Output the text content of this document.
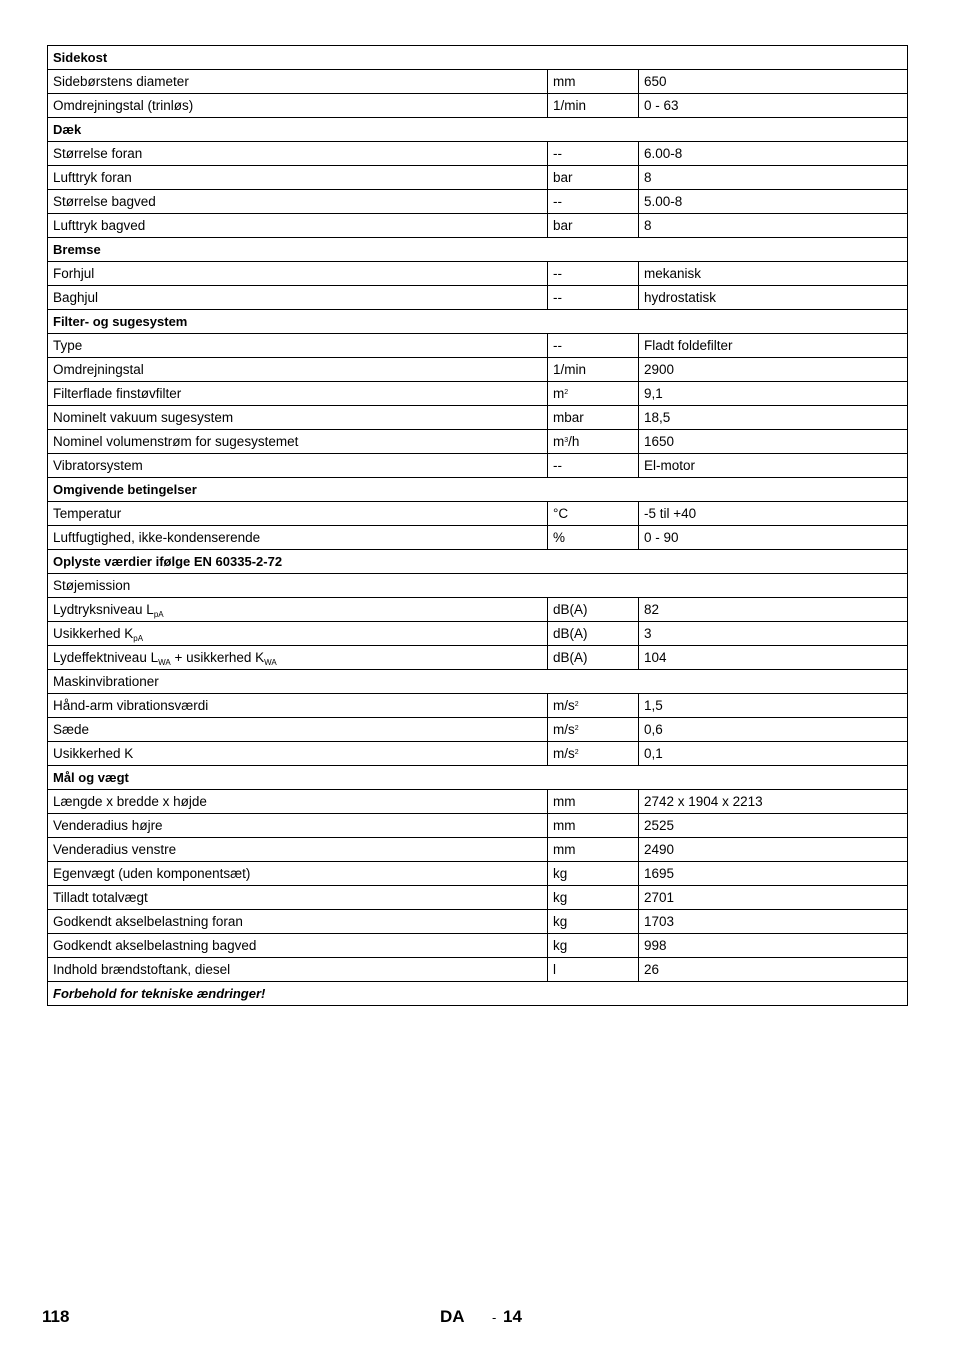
Sidekost		
Sidebørstens diameter	mm	650
Omdrejningstal (trinløs)	1/min	0 - 63
Dæk		
Størrelse foran	--	6.00-8
Lufttryk foran	bar	8
Størrelse bagved	--	5.00-8
Lufttryk bagved	bar	8
Bremse		
Forhjul	--	mekanisk
Baghjul	--	hydrostatisk
Filter- og sugesystem		
Type	--	Fladt foldefilter
Omdrejningstal	1/min	2900
Filterflade finstøvfilter	$m^2$	9,1
Nominelt vakuum sugesystem	mbar	18,5
Nominel volumenstrøm for sugesystemet	$m^3/h$	1650
Vibratorsystem	--	El-motor
Omgivende betingelser		
Temperatur	°C	-5 til +40
Luftfugtighed, ikke-kondenserende	%	0 - 90
Oplyste værdier ifølge EN 60335-2-72		
Støjemission		
Lydtryksniveau $L_{pA}$	dB(A)	82
Usikkerhed $K_{pA}$	dB(A)	3
Lydeffektniveau $L_{WA}$ + usikkerhed $K_{WA}$	dB(A)	104
Maskinvibrationer		
Hånd-arm vibrationsværdi	$m/s^2$	1,5
Sæde	$m/s^2$	0,6
Usikkerhed K	$m/s^2$	0,1
Mål og vægt		
Længde x bredde x højde	mm	2742 x 1904 x 2213
Venderadius højre	mm	2525
Venderadius venstre	mm	2490
Egenvægt (uden komponentsæt)	kg	1695
Tilladt totalvægt	kg	2701
Godkendt akselbelastning foran	kg	1703
Godkendt akselbelastning bagved	kg	998
Indhold brændstoftank, diesel	l	26
Forbehold for tekniske ændringer!		
118	DA - 14
